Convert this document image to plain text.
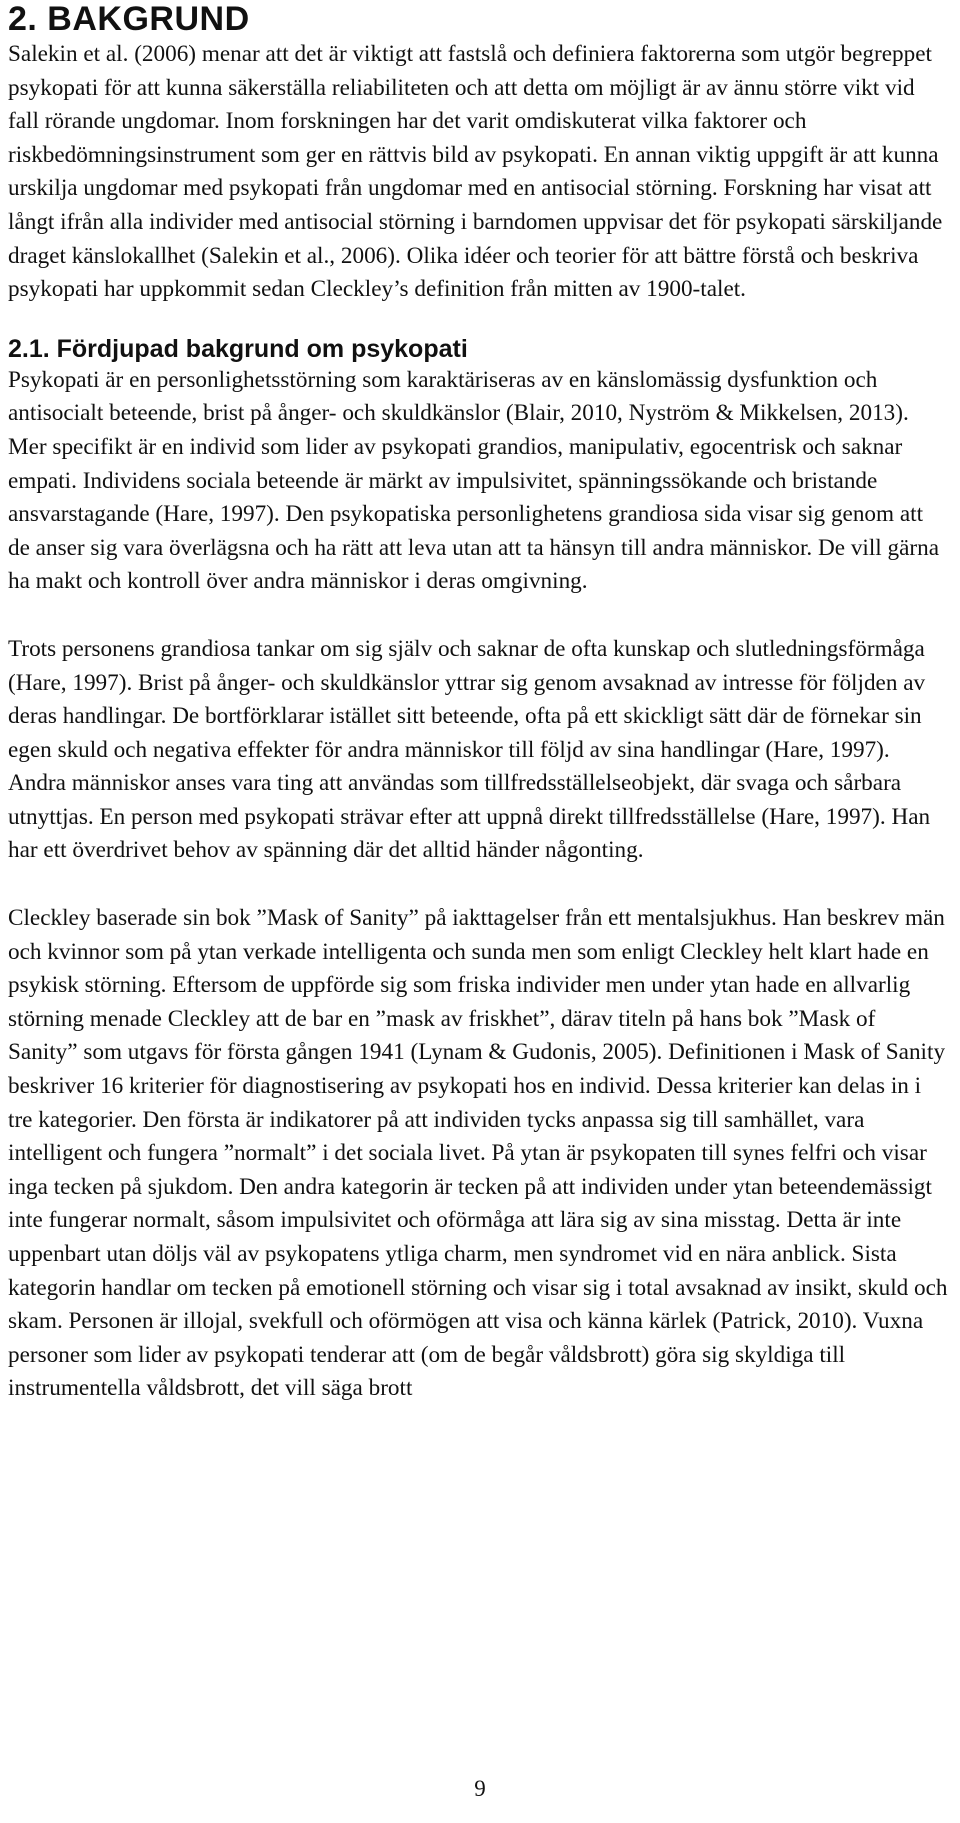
2. BAKGRUND

Salekin et al. (2006) menar att det är viktigt att fastslå och definiera faktorerna som utgör begreppet psykopati för att kunna säkerställa reliabiliteten och att detta om möjligt är av ännu större vikt vid fall rörande ungdomar. Inom forskningen har det varit omdiskuterat vilka faktorer och riskbedömningsinstrument som ger en rättvis bild av psykopati. En annan viktig uppgift är att kunna urskilja ungdomar med psykopati från ungdomar med en antisocial störning. Forskning har visat att långt ifrån alla individer med antisocial störning i barndomen uppvisar det för psykopati särskiljande draget känslokallhet (Salekin et al., 2006). Olika idéer och teorier för att bättre förstå och beskriva psykopati har uppkommit sedan Cleckley’s definition från mitten av 1900-talet.

2.1. Fördjupad bakgrund om psykopati

Psykopati är en personlighetsstörning som karaktäriseras av en känslomässig dysfunktion och antisocialt beteende, brist på ånger- och skuldkänslor (Blair, 2010, Nyström & Mikkelsen, 2013). Mer specifikt är en individ som lider av psykopati grandios, manipulativ, egocentrisk och saknar empati. Individens sociala beteende är märkt av impulsivitet, spänningssökande och bristande ansvarstagande (Hare, 1997). Den psykopatiska personlighetens grandiosa sida visar sig genom att de anser sig vara överlägsna och ha rätt att leva utan att ta hänsyn till andra människor. De vill gärna ha makt och kontroll över andra människor i deras omgivning.

Trots personens grandiosa tankar om sig själv och saknar de ofta kunskap och slutledningsförmåga (Hare, 1997). Brist på ånger- och skuldkänslor yttrar sig genom avsaknad av intresse för följden av deras handlingar. De bortförklarar istället sitt beteende, ofta på ett skickligt sätt där de förnekar sin egen skuld och negativa effekter för andra människor till följd av sina handlingar (Hare, 1997). Andra människor anses vara ting att användas som tillfredsställelseobjekt, där svaga och sårbara utnyttjas. En person med psykopati strävar efter att uppnå direkt tillfredsställelse (Hare, 1997). Han har ett överdrivet behov av spänning där det alltid händer någonting.

Cleckley baserade sin bok ”Mask of Sanity” på iakttagelser från ett mentalsjukhus. Han beskrev män och kvinnor som på ytan verkade intelligenta och sunda men som enligt Cleckley helt klart hade en psykisk störning. Eftersom de uppförde sig som friska individer men under ytan hade en allvarlig störning menade Cleckley att de bar en ”mask av friskhet”, därav titeln på hans bok ”Mask of Sanity” som utgavs för första gången 1941 (Lynam & Gudonis, 2005). Definitionen i Mask of Sanity beskriver 16 kriterier för diagnostisering av psykopati hos en individ. Dessa kriterier kan delas in i tre kategorier. Den första är indikatorer på att individen tycks anpassa sig till samhället, vara intelligent och fungera ”normalt” i det sociala livet. På ytan är psykopaten till synes felfri och visar inga tecken på sjukdom. Den andra kategorin är tecken på att individen under ytan beteendemässigt inte fungerar normalt, såsom impulsivitet och oförmåga att lära sig av sina misstag. Detta är inte uppenbart utan döljs väl av psykopatens ytliga charm, men syndromet vid en nära anblick. Sista kategorin handlar om tecken på emotionell störning och visar sig i total avsaknad av insikt, skuld och skam. Personen är illojal, svekfull och oförmögen att visa och känna kärlek (Patrick, 2010). Vuxna personer som lider av psykopati tenderar att (om de begår våldsbrott) göra sig skyldiga till instrumentella våldsbrott, det vill säga brott

9
